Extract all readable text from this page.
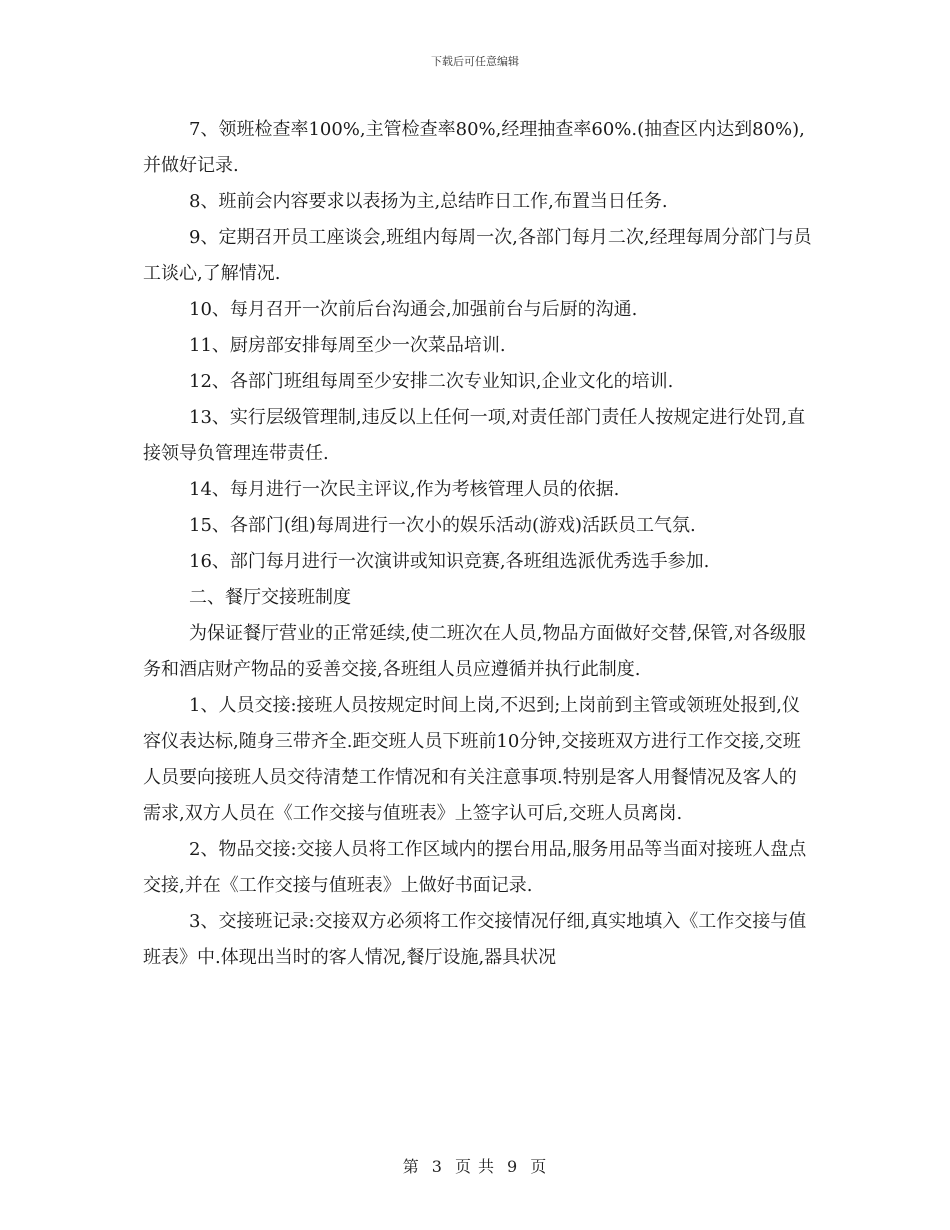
下载后可任意编辑

7、领班检查率100%,主管检查率80%,经理抽查率60%.(抽查区内达到80%),并做好记录.

8、班前会内容要求以表扬为主,总结昨日工作,布置当日任务.

9、定期召开员工座谈会,班组内每周一次,各部门每月二次,经理每周分部门与员工谈心,了解情况.

10、每月召开一次前后台沟通会,加强前台与后厨的沟通.

11、厨房部安排每周至少一次菜品培训.

12、各部门班组每周至少安排二次专业知识,企业文化的培训.

13、实行层级管理制,违反以上任何一项,对责任部门责任人按规定进行处罚,直接领导负管理连带责任.

14、每月进行一次民主评议,作为考核管理人员的依据.

15、各部门(组)每周进行一次小的娱乐活动(游戏)活跃员工气氛.

16、部门每月进行一次演讲或知识竞赛,各班组选派优秀选手参加.

二、餐厅交接班制度

为保证餐厅营业的正常延续,使二班次在人员,物品方面做好交替,保管,对各级服务和酒店财产物品的妥善交接,各班组人员应遵循并执行此制度.

1、人员交接:接班人员按规定时间上岗,不迟到;上岗前到主管或领班处报到,仪容仪表达标,随身三带齐全.距交班人员下班前10分钟,交接班双方进行工作交接,交班人员要向接班人员交待清楚工作情况和有关注意事项.特别是客人用餐情况及客人的需求,双方人员在《工作交接与值班表》上签字认可后,交班人员离岗.

2、物品交接:交接人员将工作区域内的摆台用品,服务用品等当面对接班人盘点交接,并在《工作交接与值班表》上做好书面记录.

3、交接班记录:交接双方必须将工作交接情况仔细,真实地填入《工作交接与值班表》中.体现出当时的客人情况,餐厅设施,器具状况

第 3 页 共 9 页
